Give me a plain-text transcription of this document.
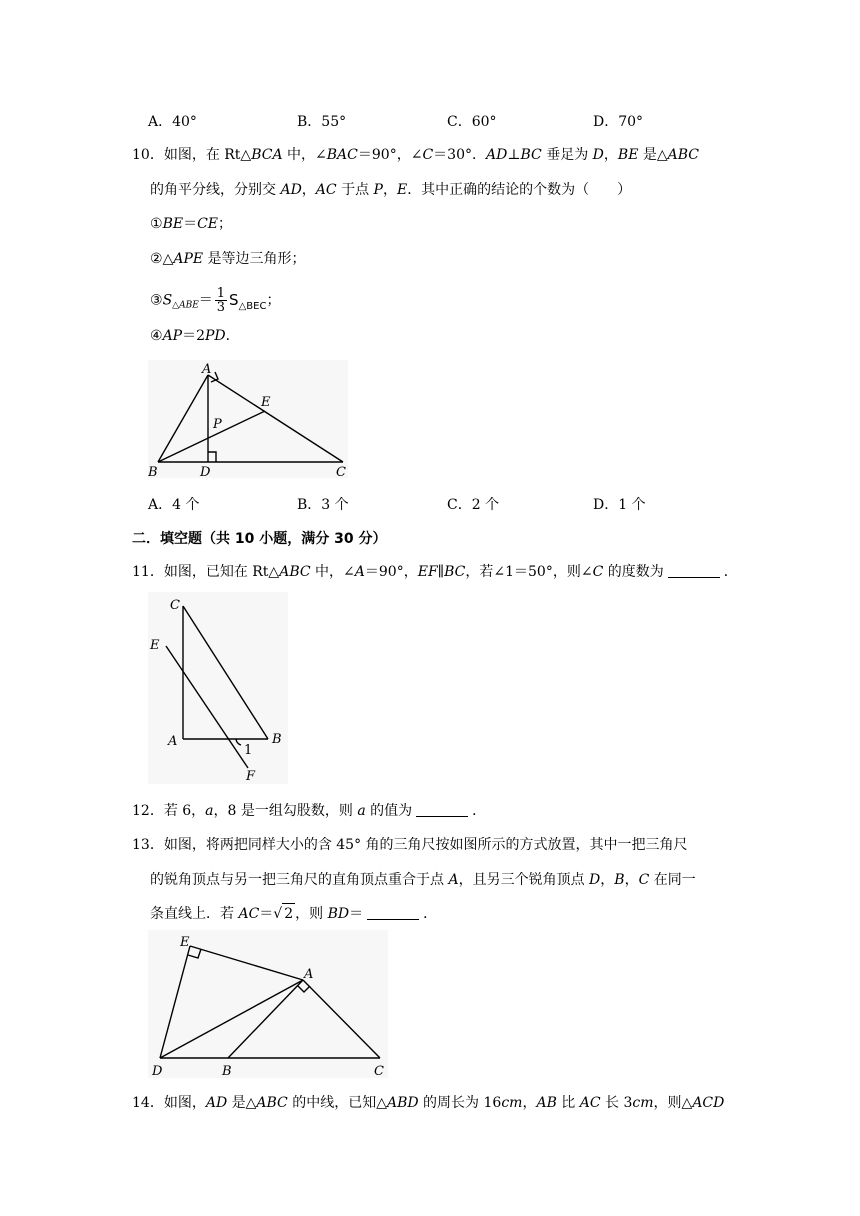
A．40°	B．55°	C．60°	D．70°
10．如图，在 Rt△BCA 中，∠BAC＝90°，∠C＝30°．AD⊥BC 垂足为 D，BE 是△ABC
的角平分线，分别交 AD，AC 于点 P，E．其中正确的结论的个数为（　　）
①BE＝CE；
②△APE 是等边三角形；
$③S_{\triangle ABE}= \frac{1}{3} S_{\triangle BEC}$；
④AP＝2PD．
A
B	C
D
E
P
A．4 个	B．3 个	C．2 个	D．1 个
二．填空题（共 10 小题，满分 30 分）
11．如图，已知在 Rt△ABC 中，∠A＝90°，EF∥BC，若∠1＝50°，则∠C 的度数为	．
C
E
A	B
F
1
12．若 6，a，8 是一组勾股数，则 a 的值为	．
13．如图，将两把同样大小的含 45° 角的三角尺按如图所示的方式放置，其中一把三角尺
的锐角顶点与另一把三角尺的直角顶点重合于点 A，且另三个锐角顶点 D，B，C 在同一
条直线上．若 AC＝√ 2 ，则 BD＝	．
E
A
D	B	C
14．如图，AD 是△ABC 的中线，已知△ABD 的周长为 16cm，AB 比 AC 长 3cm，则△ACD
